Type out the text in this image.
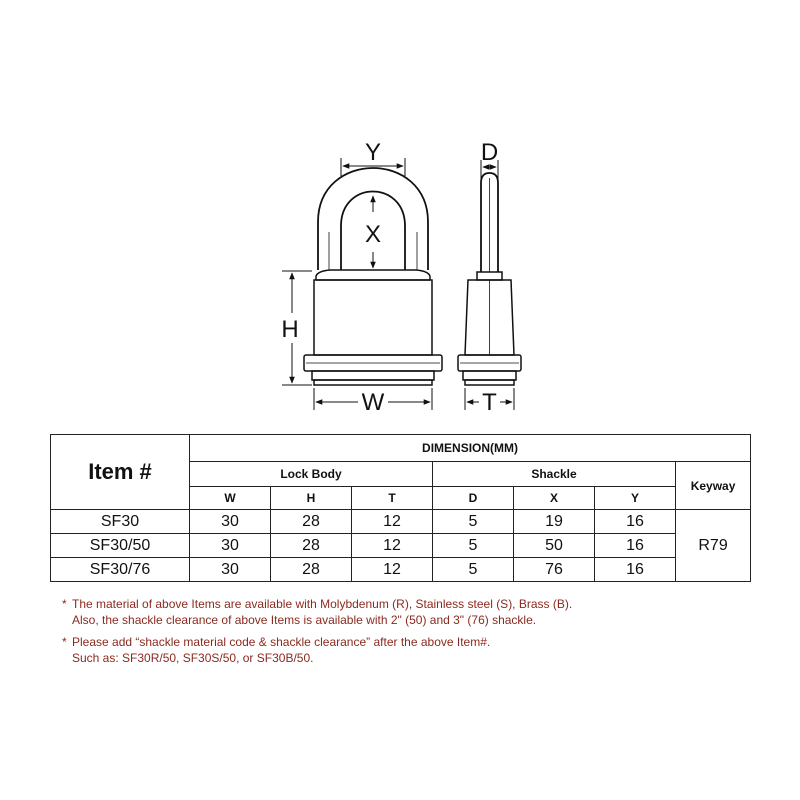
Y
X
H
W
D
T
Item #	DIMENSION(MM)						
	Lock Body			Shackle			Keyway
	W	H	T	D	X	Y	
SF30	30	28	12	5	19	16	R79
SF30/50	30	28	12	5	50	16	
SF30/76	30	28	12	5	76	16	
* The material of above Items are available with Molybdenum (R), Stainless steel (S), Brass (B).
Also, the shackle clearance of above Items is available with 2" (50) and 3" (76) shackle.
* Please add “shackle material code & shackle clearance” after the above Item#.
Such as: SF30R/50, SF30S/50, or SF30B/50.
